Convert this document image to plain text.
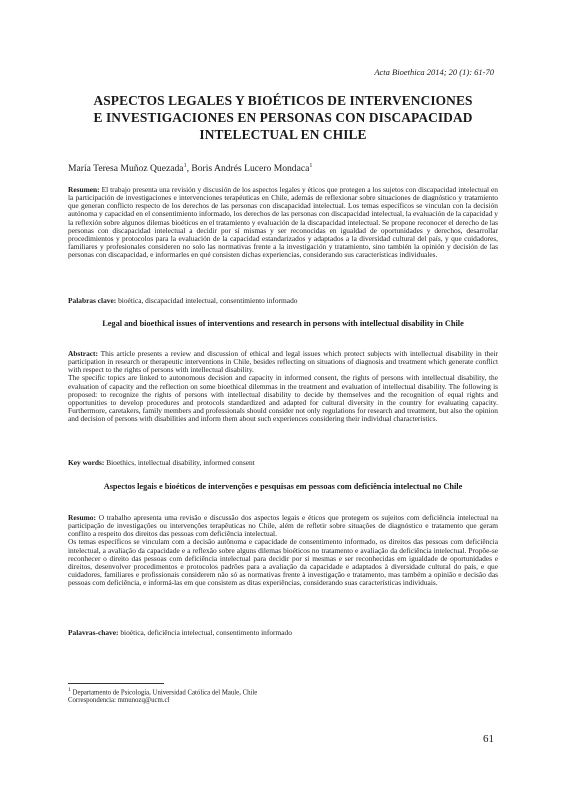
Acta Bioethica 2014; 20 (1): 61-70
ASPECTOS LEGALES Y BIOÉTICOS DE INTERVENCIONES
E INVESTIGACIONES EN PERSONAS CON DISCAPACIDAD
INTELECTUAL EN CHILE
María Teresa Muñoz Quezada$^1$, Boris Andrés Lucero Mondaca$^1$
Resumen: El trabajo presenta una revisión y discusión de los aspectos legales y éticos que protegen a los sujetos con discapacidad intelectual en la participación de investigaciones e intervenciones terapéuticas en Chile, además de reflexionar sobre situaciones de diagnóstico y tratamiento que generan conflicto respecto de los derechos de las personas con discapacidad intelectual. Los temas específicos se vinculan con la decisión autónoma y capacidad en el consentimiento informado, los derechos de las personas con discapacidad intelectual, la evaluación de la capacidad y la reflexión sobre algunos dilemas bioéticos en el tratamiento y evaluación de la discapacidad intelectual. Se propone reconocer el derecho de las personas con discapacidad intelectual a decidir por sí mismas y ser reconocidas en igualdad de oportunidades y derechos, desarrollar procedimientos y protocolos para la evaluación de la capacidad estandarizados y adaptados a la diversidad cultural del país, y que cuidadores, familiares y profesionales consideren no solo las normativas frente a la investigación y tratamiento, sino también la opinión y decisión de las personas con discapacidad, e informarles en qué consisten dichas experiencias, considerando sus características individuales.
Palabras clave: bioética, discapacidad intelectual, consentimiento informado
Legal and bioethical issues of interventions and research in persons with intellectual disability in Chile
Abstract: This article presents a review and discussion of ethical and legal issues which protect subjects with intellectual disability in their participation in research or therapeutic interventions in Chile, besides reflecting on situations of diagnosis and treatment which generate conflict with respect to the rights of persons with intellectual disability.
The specific topics are linked to autonomous decision and capacity in informed consent, the rights of persons with intellectual disability, the evaluation of capacity and the reflection on some bioethical dilemmas in the treatment and evaluation of intellectual disability. The following is proposed: to recognize the rights of persons with intellectual disability to decide by themselves and the recognition of equal rights and opportunities to develop procedures and protocols standardized and adapted for cultural diversity in the country for evaluating capacity. Furthermore, caretakers, family members and professionals should consider not only regulations for research and treatment, but also the opinion and decision of persons with disabilities and inform them about such experiences considering their individual characteristics.
Key words: Bioethics, intellectual disability, informed consent
Aspectos legais e bioéticos de intervenções e pesquisas em pessoas com deficiência intelectual no Chile
Resumo: O trabalho apresenta uma revisão e discussão dos aspectos legais e éticos que protegem os sujeitos com deficiência intelectual na participação de investigações ou intervenções terapêuticas no Chile, além de refletir sobre situações de diagnóstico e tratamento que geram conflito a respeito dos direitos das pessoas com deficiência intelectual.
Os temas específicos se vinculam com a decisão autônoma e capacidade de consentimento informado, os direitos das pessoas com deficiência intelectual, a avaliação da capacidade e a reflexão sobre alguns dilemas bioéticos no tratamento e avaliação da deficiência intelectual. Propõe-se reconhecer o direito das pessoas com deficiência intelectual para decidir por si mesmas e ser reconhecidas em igualdade de oportunidades e direitos, desenvolver procedimentos e protocolos padrões para a avaliação da capacidade e adaptados à diversidade cultural do país, e que cuidadores, familiares e profissionais considerem não só as normativas frente à investigação e tratamento, mas também a opinião e decisão das pessoas com deficiência, e informá-las em que consistem as ditas experiências, considerando suas características individuais.
Palavras-chave: bioética, deficiência intelectual, consentimento informado
$^1$ Departamento de Psicología, Universidad Católica del Maule, Chile
Correspondencia: mmunozq@ucm.cl
61
